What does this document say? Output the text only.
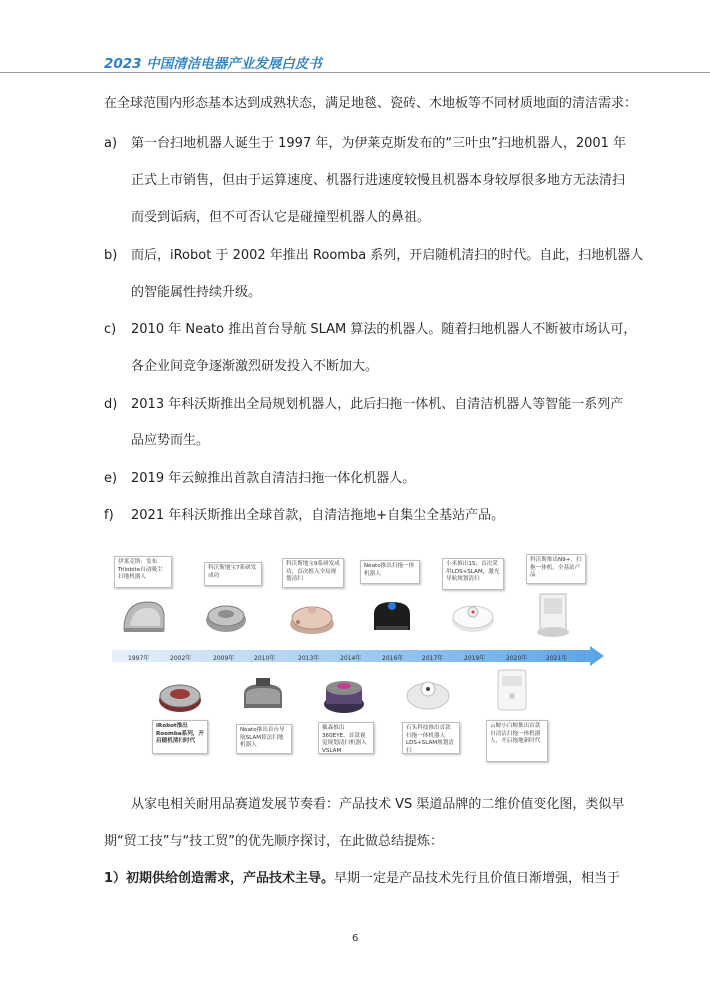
2023 中国清洁电器产业发展白皮书
在全球范围内形态基本达到成熟状态，满足地毯、瓷砖、木地板等不同材质地面的清洁需求：
a) 第一台扫地机器人诞生于 1997 年，为伊莱克斯发布的“三叶虫”扫地机器人，2001 年
正式上市销售，但由于运算速度、机器行进速度较慢且机器本身较厚很多地方无法清扫
而受到诟病，但不可否认它是碰撞型机器人的鼻祖。
b) 而后，iRobot 于 2002 年推出 Roomba 系列，开启随机清扫的时代。自此，扫地机器人
的智能属性持续升级。
c) 2010 年 Neato 推出首台导航 SLAM 算法的机器人。随着扫地机器人不断被市场认可，
各企业间竞争逐渐激烈研发投入不断加大。
d) 2013 年科沃斯推出全局规划机器人，此后扫拖一体机、自清洁机器人等智能一系列产
品应势而生。
e) 2019 年云鲸推出首款自清洁扫拖一体化机器人。
f) 2021 年科沃斯推出全球首款，自清洁拖地+自集尘全基站产品。
伊莱克斯：发布Trilobite自动吸尘扫地机器人
科沃斯地宝7系研发成功
科沃斯地宝9系研发成功，首次植入全局规划清扫
Neato推出扫拖一体机器人
小米推出1S，首次采用LDS+SLAM，激光导航规划清扫
科沃斯推出N9+，扫拖一体机，全基站产品
1997年	2002年	2009年	2010年	2013年	2014年	2016年	2017年	2019年	2020年	2021年
iRobot推出Roomba系列，开启随机清扫时代
Neato推出首台导航SLAM算法扫地机器人
戴森推出360EYE，首款视觉规划清扫机器人VSLAM
石头科技推出首款扫拖一体机器人LDS+SLAM规划清扫
云鲸小白鲸推出首款自清洁扫拖一体机器人，开启拖地新时代
从家电相关耐用品赛道发展节奏看：产品技术 VS 渠道品牌的二维价值变化图，类似早
期“贸工技”与“技工贸”的优先顺序探讨，在此做总结提炼：
1）初期供给创造需求，产品技术主导。早期一定是产品技术先行且价值日渐增强，相当于
6
